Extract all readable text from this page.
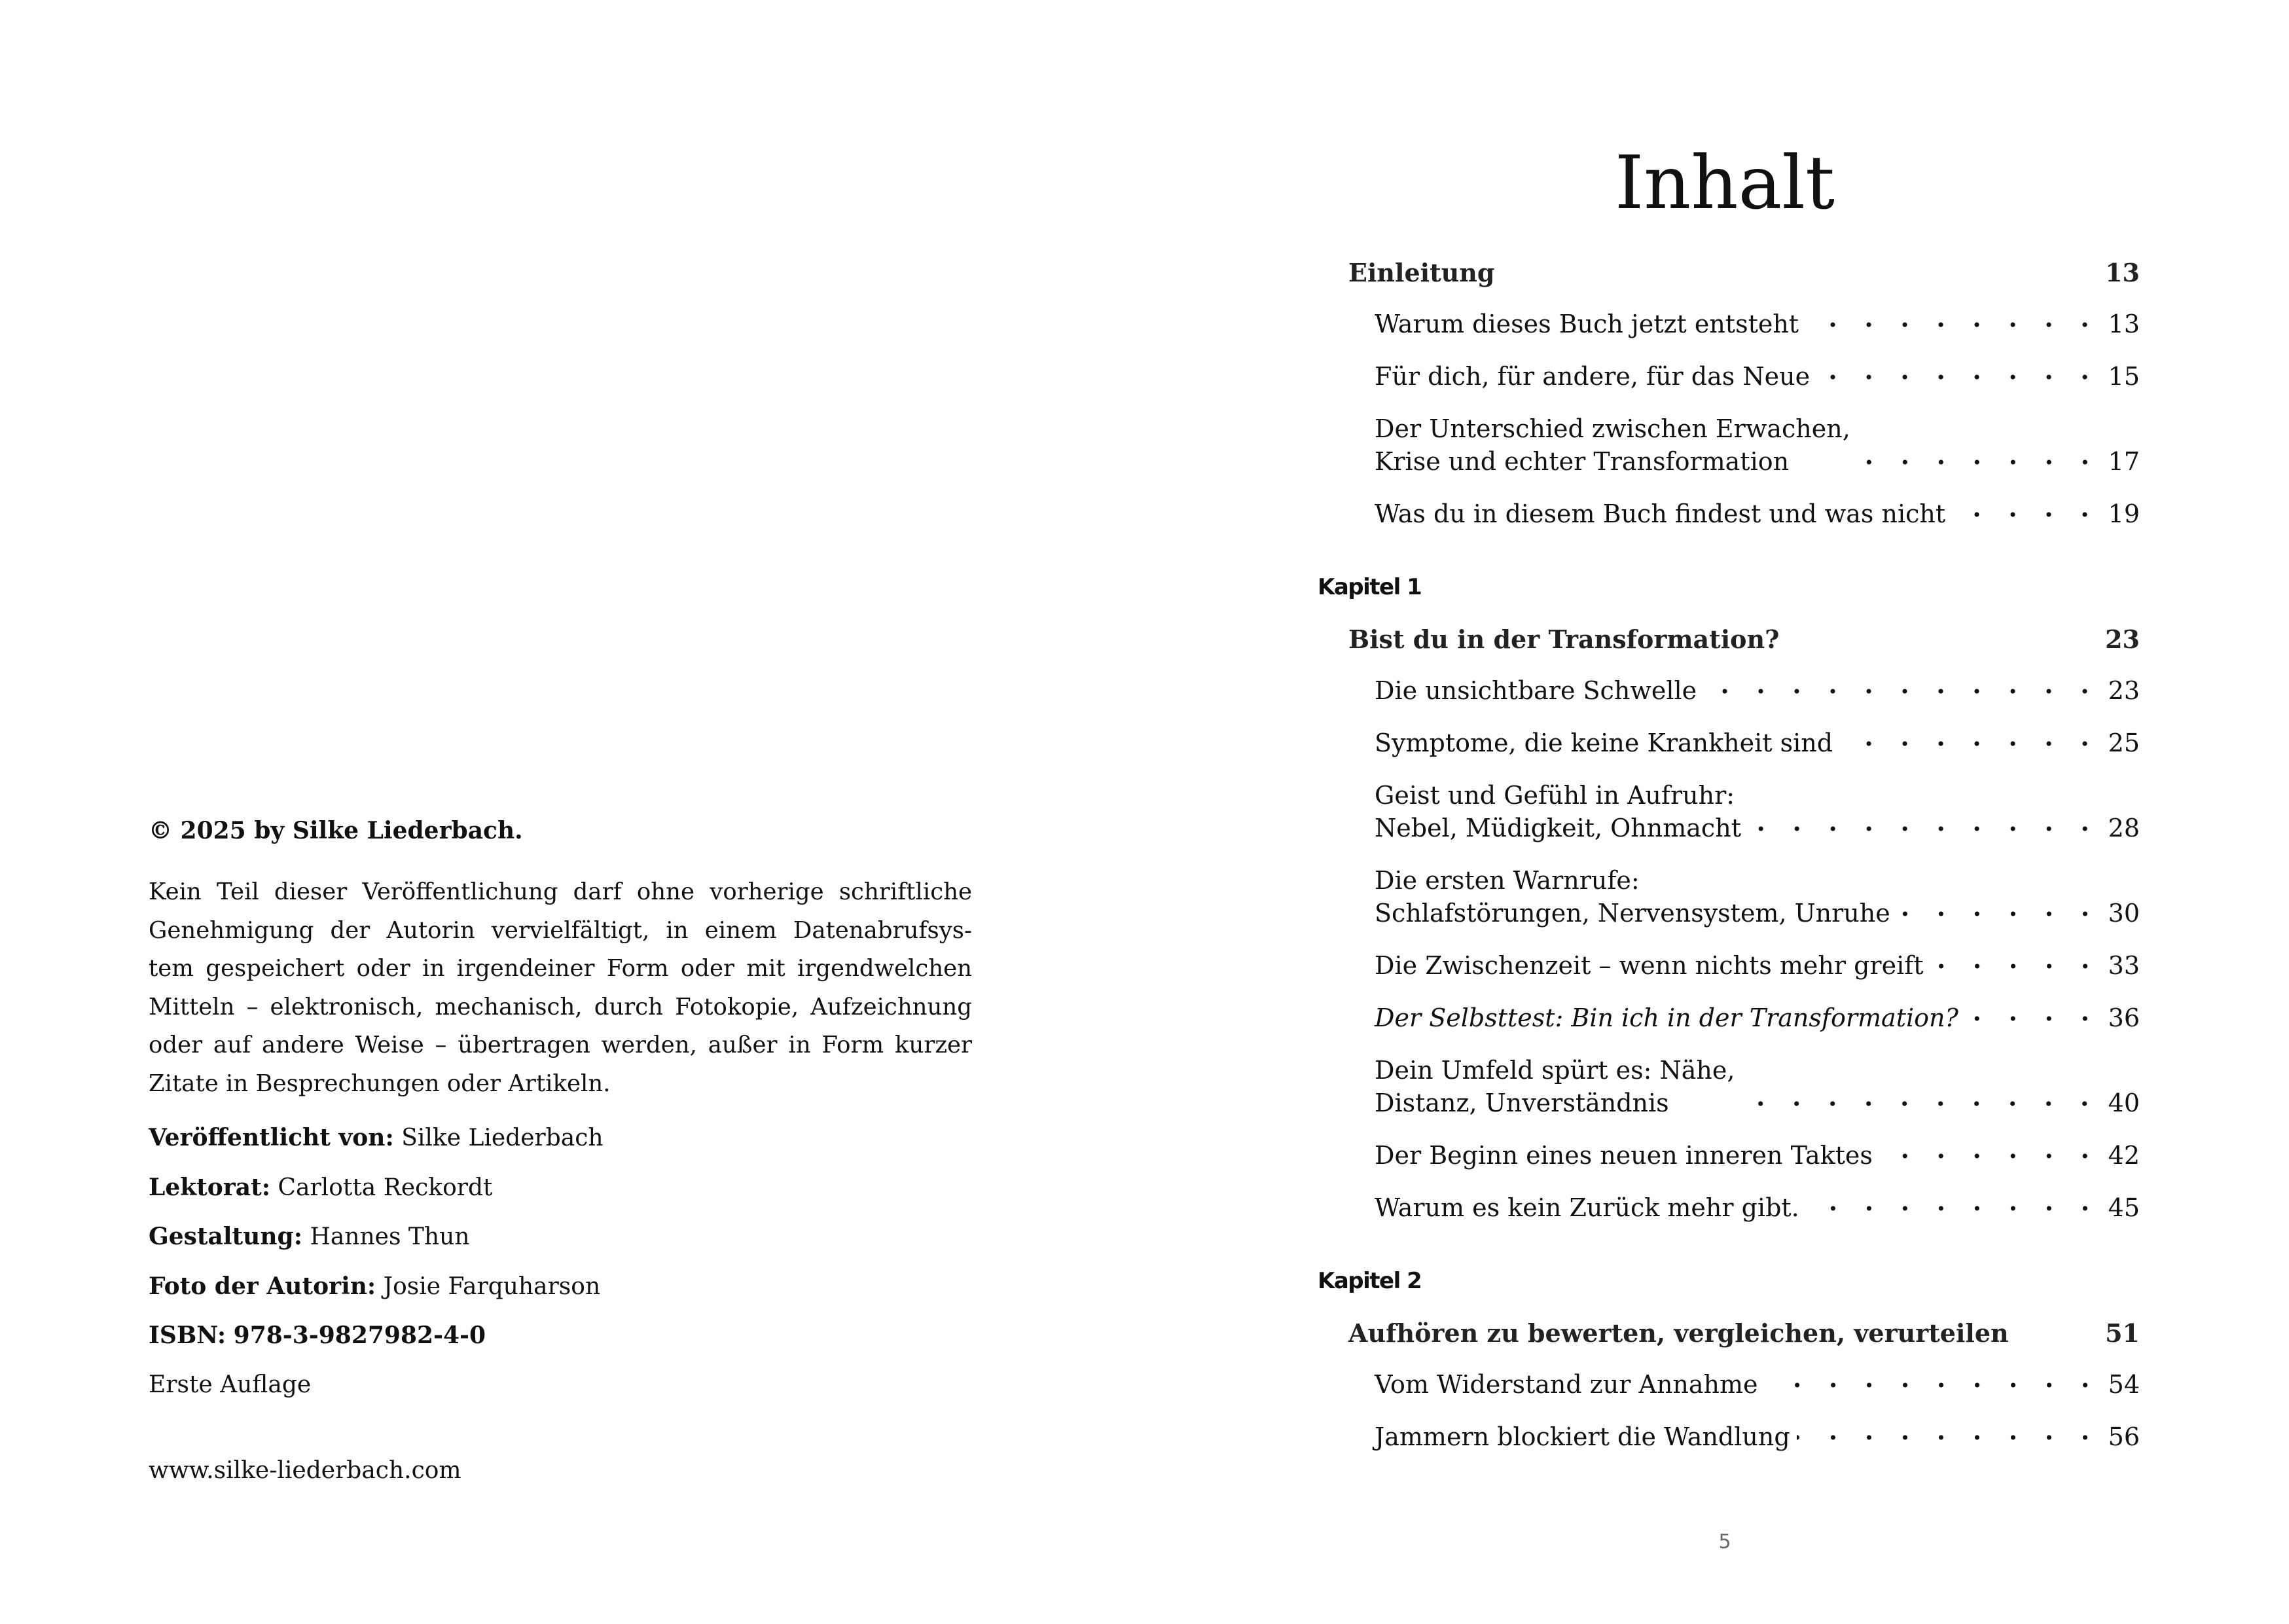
© 2025 by Silke Liederbach.

Kein Teil dieser Veröffentlichung darf ohne vorherige schriftliche
Genehmigung der Autorin vervielfältigt, in einem Datenabrufsys-
tem gespeichert oder in irgendeiner Form oder mit irgendwelchen
Mitteln – elektronisch, mechanisch, durch Fotokopie, Aufzeichnung
oder auf andere Weise – übertragen werden, außer in Form kurzer
Zitate in Besprechungen oder Artikeln.

Veröffentlicht von: Silke Liederbach

Lektorat: Carlotta Reckordt

Gestaltung: Hannes Thun

Foto der Autorin: Josie Farquharson

ISBN: 978-3-9827982-4-0

Erste Auflage

www.silke-liederbach.com

Inhalt
Einleitung	13
Warum dieses Buch jetzt entsteht	13
Für dich, für andere, für das Neue	15
Der Unterschied zwischen Erwachen,
Krise und echter Transformation	17
Was du in diesem Buch findest und was nicht	19
Kapitel 1
Bist du in der Transformation?	23
Die unsichtbare Schwelle	23
Symptome, die keine Krankheit sind	25
Geist und Gefühl in Aufruhr:
Nebel, Müdigkeit, Ohnmacht	28
Die ersten Warnrufe:
Schlafstörungen, Nervensystem, Unruhe	30
Die Zwischenzeit – wenn nichts mehr greift	33
Der Selbsttest: Bin ich in der Transformation?	36
Dein Umfeld spürt es: Nähe,
Distanz, Unverständnis	40
Der Beginn eines neuen inneren Taktes	42
Warum es kein Zurück mehr gibt.	45
Kapitel 2
Aufhören zu bewerten, vergleichen, verurteilen	51
Vom Widerstand zur Annahme	54
Jammern blockiert die Wandlung	56
5
